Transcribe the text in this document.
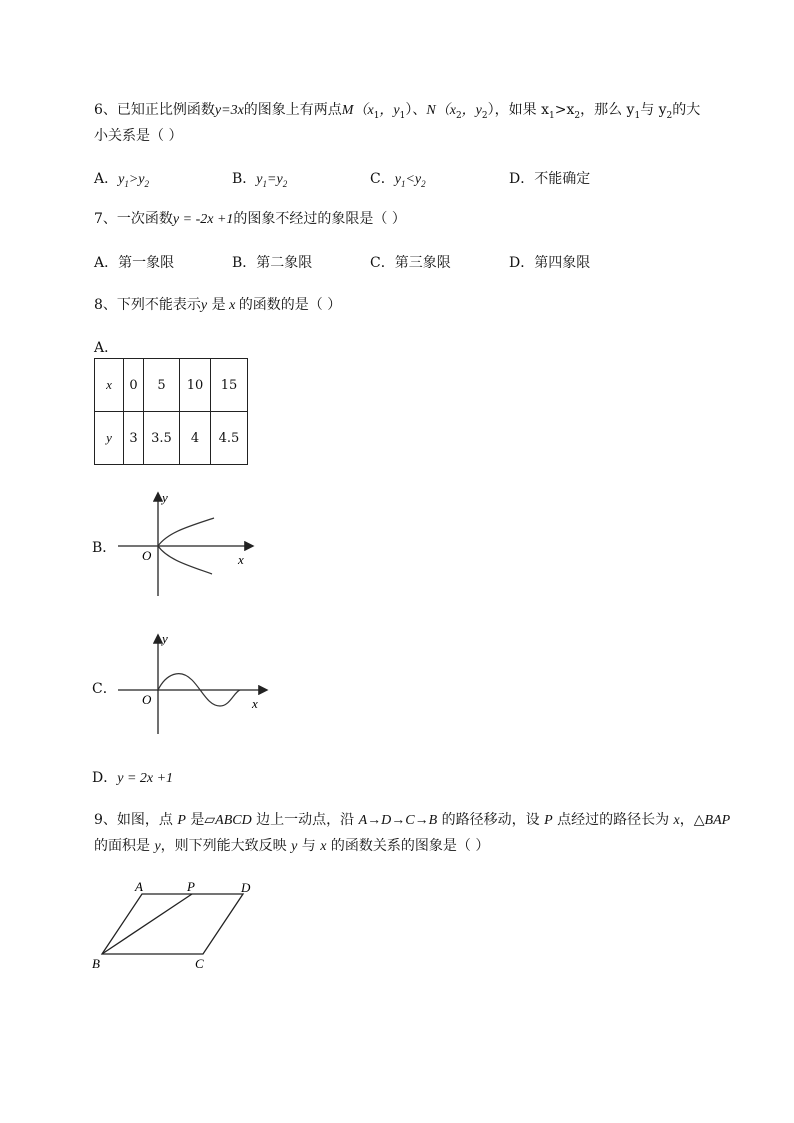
6、已知正比例函数y=3x的图象上有两点$M(x_1$，$y_1$）、$N(x_2$，$y_2$），如果 $x_1>x_2$，那么 $y_1$与 $y_2$的大
小关系是（ ）
A．$y_1>y_2$	B．$y_1=y_2$	C．$y_1<y_2$	D．不能确定
7、一次函数y = -2x +1的图象不经过的象限是（ ）
A．第一象限	B．第二象限	C．第三象限	D．第四象限
8、下列不能表示y 是 x 的函数的是（ ）
A．
x	0	5	10	15
y	3	3.5	4	4.5
B．
y
x
O
C．
y
x
O
D．y = 2x +1
9、如图，点 P 是▱ABCD 边上一动点，沿 A→D→C→B 的路径移动，设 P 点经过的路径长为 x，△BAP
的面积是 y，则下列能大致反映 y 与 x 的函数关系的图象是（ ）
A	P	D
B	C
